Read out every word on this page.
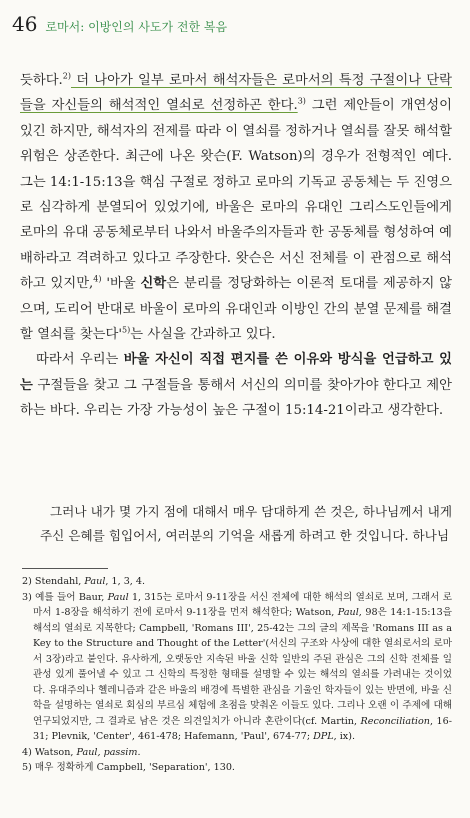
46 로마서: 이방인의 사도가 전한 복음

듯하다.$^{2)}$ 더 나아가 일부 로마서 해석자들은 로마서의 특정 구절이나 단락들을 자신들의 해석적인 열쇠로 선정하곤 한다.$^{3)}$ 그런 제안들이 개연성이 있긴 하지만, 해석자의 전제를 따라 이 열쇠를 정하거나 열쇠를 잘못 해석할 위험은 상존한다. 최근에 나온 왓슨(F. Watson)의 경우가 전형적인 예다. 그는 14:1-15:13을 핵심 구절로 정하고 로마의 기독교 공동체는 두 진영으로 심각하게 분열되어 있었기에, 바울은 로마의 유대인 그리스도인들에게 로마의 유대 공동체로부터 나와서 바울주의자들과 한 공동체를 형성하여 예배하라고 격려하고 있다고 주장한다. 왓슨은 서신 전체를 이 관점으로 해석하고 있지만,$^{4)}$ '바울 신학은 분리를 정당화하는 이론적 토대를 제공하지 않으며, 도리어 반대로 바울이 로마의 유대인과 이방인 간의 분열 문제를 해결할 열쇠를 찾는다'$^{5)}$는 사실을 간과하고 있다.

따라서 우리는 바울 자신이 직접 편지를 쓴 이유와 방식을 언급하고 있는 구절들을 찾고 그 구절들을 통해서 서신의 의미를 찾아가야 한다고 제안하는 바다. 우리는 가장 가능성이 높은 구절이 15:14-21이라고 생각한다.

그러나 내가 몇 가지 점에 대해서 매우 담대하게 쓴 것은, 하나님께서 내게 주신 은혜를 힘입어서, 여러분의 기억을 새롭게 하려고 한 것입니다. 하나님

2) Stendahl, Paul, 1, 3, 4.

3) 예를 들어 Baur, Paul 1, 315는 로마서 9-11장을 서신 전체에 대한 해석의 열쇠로 보며, 그래서 로마서 1-8장을 해석하기 전에 로마서 9-11장을 먼저 해석한다; Watson, Paul, 98은 14:1-15:13을 해석의 열쇠로 지목한다; Campbell, 'Romans III', 25-42는 그의 글의 제목을 'Romans III as a Key to the Structure and Thought of the Letter'(서신의 구조와 사상에 대한 열쇠로서의 로마서 3장)라고 붙인다. 유사하게, 오랫동안 지속된 바울 신학 일반의 주된 관심은 그의 신학 전체를 일관성 있게 풀어낼 수 있고 그 신학의 특정한 형태를 설명할 수 있는 해석의 열쇠를 가려내는 것이었다. 유대주의나 헬레니즘과 같은 바울의 배경에 특별한 관심을 기울인 학자들이 있는 반면에, 바울 신학을 설명하는 열쇠로 회심의 부르심 체험에 초점을 맞춰온 이들도 있다. 그리나 오랜 이 주제에 대해 연구되었지만, 그 결과로 남은 것은 의견일치가 아니라 혼란이다(cf. Martin, Reconciliation, 16-31; Plevnik, 'Center', 461-478; Hafemann, 'Paul', 674-77; DPL, ix).

4) Watson, Paul, passim.

5) 매우 정확하게 Campbell, 'Separation', 130.
